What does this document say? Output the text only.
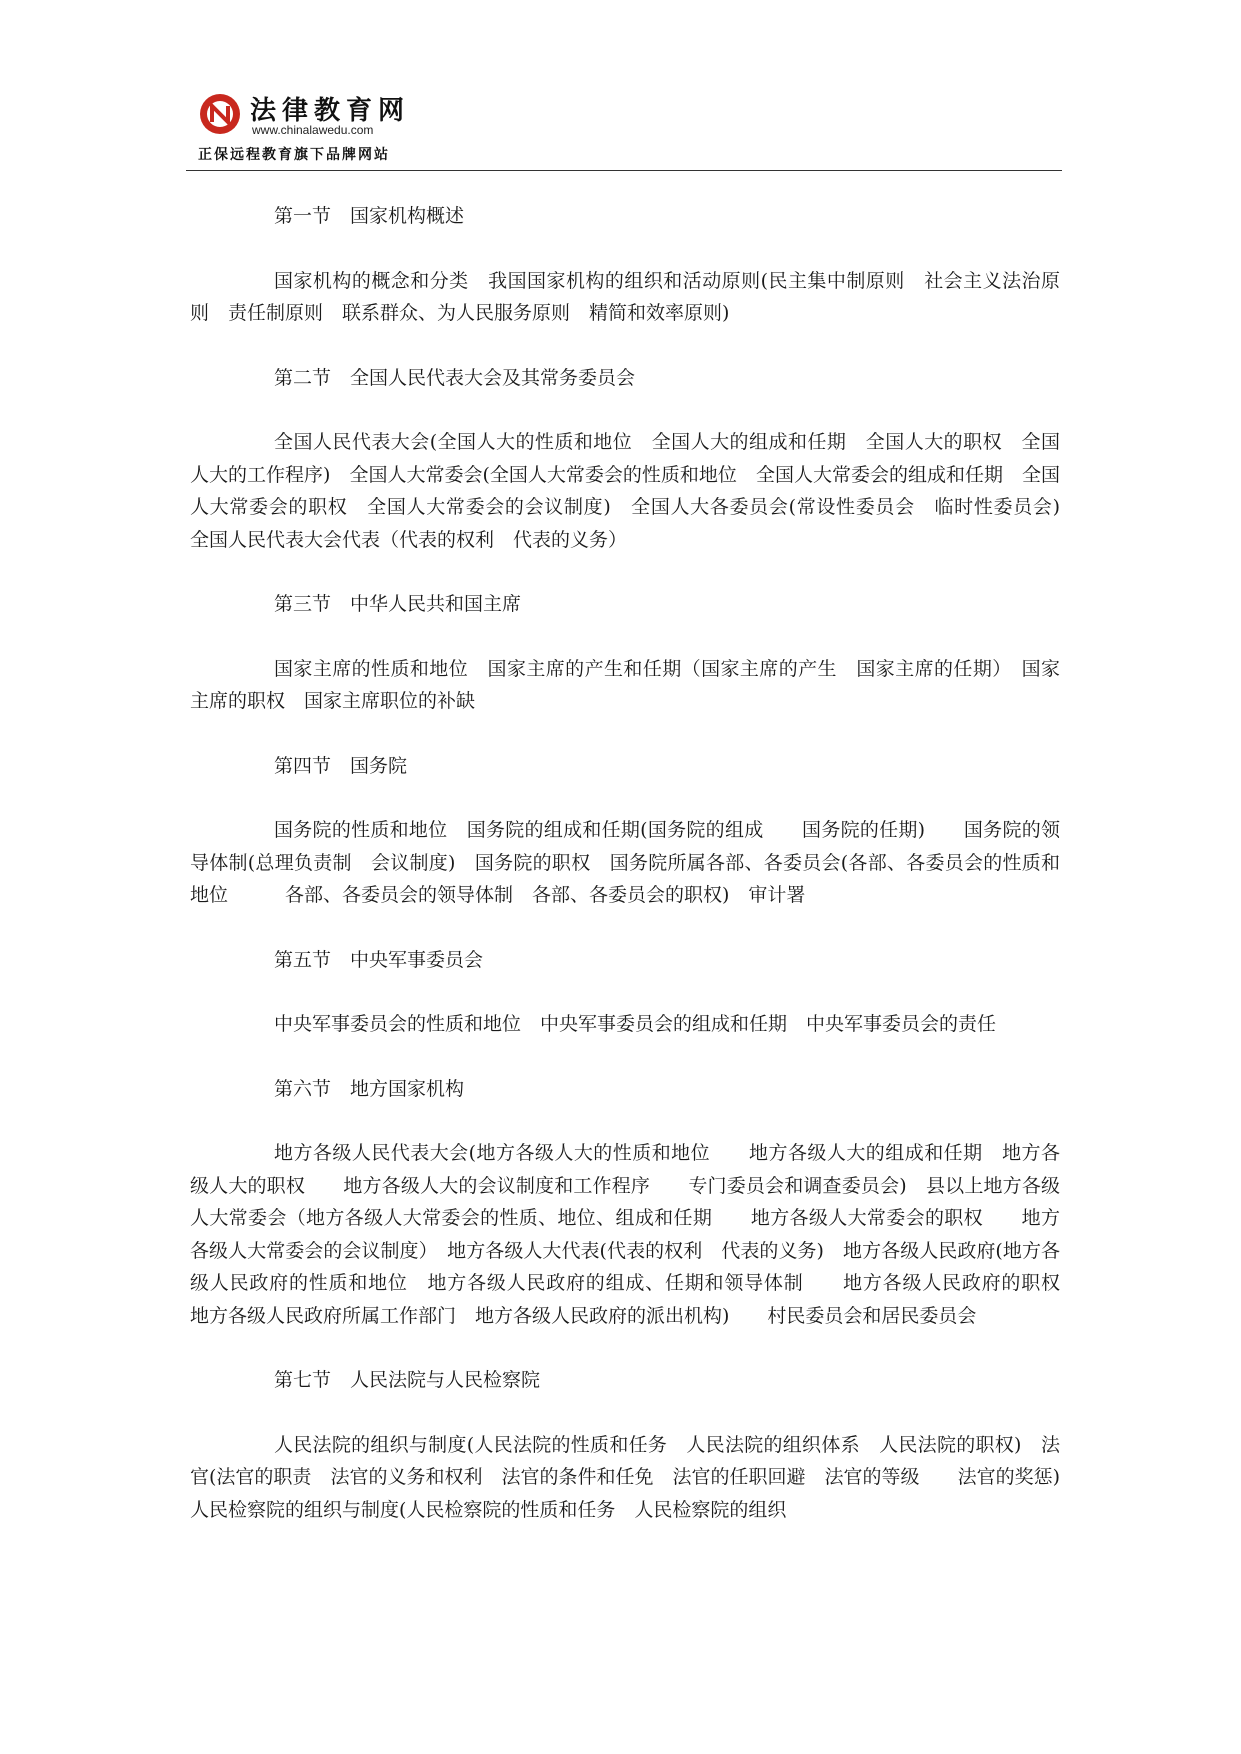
法律教育网
www.chinalawedu.com
正保远程教育旗下品牌网站
第一节　国家机构概述
国家机构的概念和分类　我国国家机构的组织和活动原则(民主集中制原则　社会主义法治原则　责任制原则　联系群众、为人民服务原则　精简和效率原则)
第二节　全国人民代表大会及其常务委员会
全国人民代表大会(全国人大的性质和地位　全国人大的组成和任期　全国人大的职权　全国人大的工作程序)　全国人大常委会(全国人大常委会的性质和地位　全国人大常委会的组成和任期　全国人大常委会的职权　全国人大常委会的会议制度)　全国人大各委员会(常设性委员会　临时性委员会)　全国人民代表大会代表（代表的权利　代表的义务）
第三节　中华人民共和国主席
国家主席的性质和地位　国家主席的产生和任期（国家主席的产生　国家主席的任期）　国家主席的职权　国家主席职位的补缺
第四节　国务院
国务院的性质和地位　国务院的组成和任期(国务院的组成　　国务院的任期)　　国务院的领导体制(总理负责制　会议制度)　国务院的职权　国务院所属各部、各委员会(各部、各委员会的性质和地位　　　各部、各委员会的领导体制　各部、各委员会的职权)　审计署
第五节　中央军事委员会
中央军事委员会的性质和地位　中央军事委员会的组成和任期　中央军事委员会的责任
第六节　地方国家机构
地方各级人民代表大会(地方各级人大的性质和地位　　地方各级人大的组成和任期　地方各级人大的职权　　地方各级人大的会议制度和工作程序　　专门委员会和调查委员会)　县以上地方各级人大常委会（地方各级人大常委会的性质、地位、组成和任期　　地方各级人大常委会的职权　　地方各级人大常委会的会议制度）　地方各级人大代表(代表的权利　代表的义务)　地方各级人民政府(地方各级人民政府的性质和地位　地方各级人民政府的组成、任期和领导体制　　地方各级人民政府的职权　地方各级人民政府所属工作部门　地方各级人民政府的派出机构)　　村民委员会和居民委员会
第七节　人民法院与人民检察院
人民法院的组织与制度(人民法院的性质和任务　人民法院的组织体系　人民法院的职权)　法官(法官的职责　法官的义务和权利　法官的条件和任免　法官的任职回避　法官的等级　　法官的奖惩)　人民检察院的组织与制度(人民检察院的性质和任务　人民检察院的组织
